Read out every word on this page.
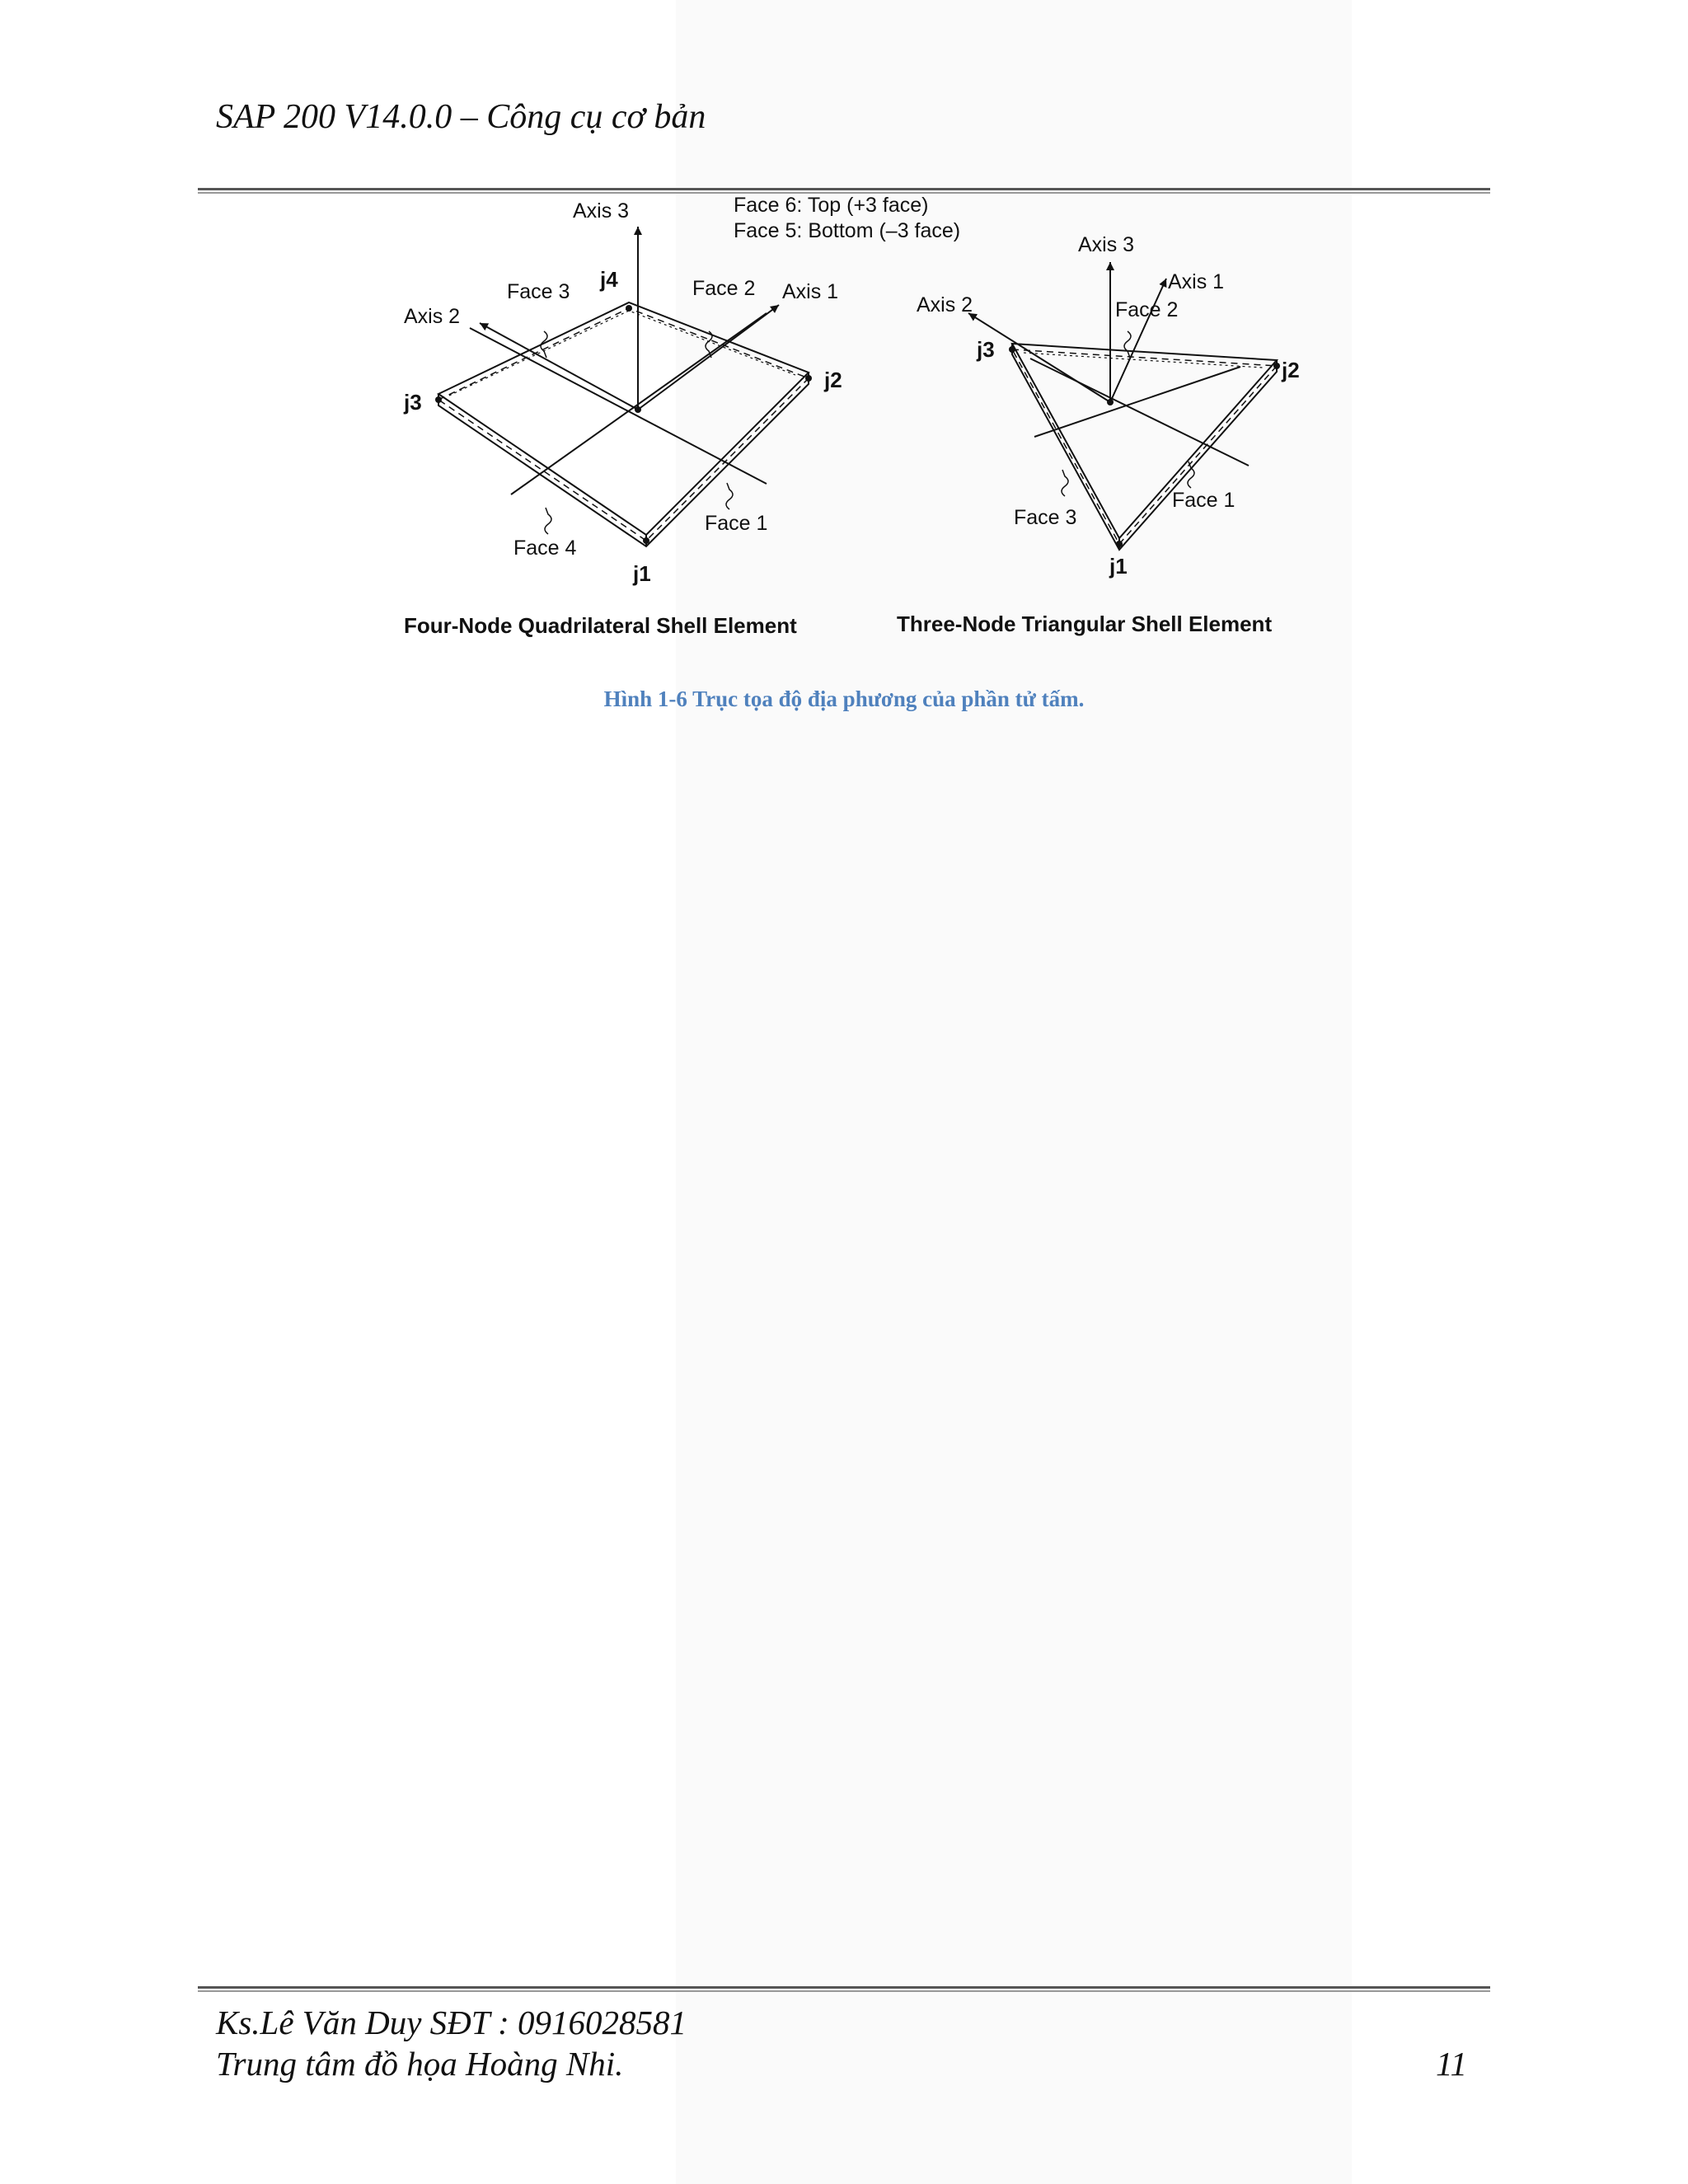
SAP 200 V14.0.0 – Công cụ cơ bản
Face 6: Top (+3 face)
Face 5: Bottom (–3 face)
Axis 3
Axis 1
Axis 2
Face 3	Face 2
Face 1
Face 4
j4
j2
j3
j1
Four-Node Quadrilateral Shell Element
Axis 3
Axis 1
Axis 2	Face 2
Face 1
Face 3
j3
j2
j1
Three-Node Triangular Shell Element
Hình 1-6 Trục tọa độ địa phương của phần tử tấm.
Ks.Lê Văn Duy SĐT : 0916028581
Trung tâm đồ họa Hoàng Nhi.	11
